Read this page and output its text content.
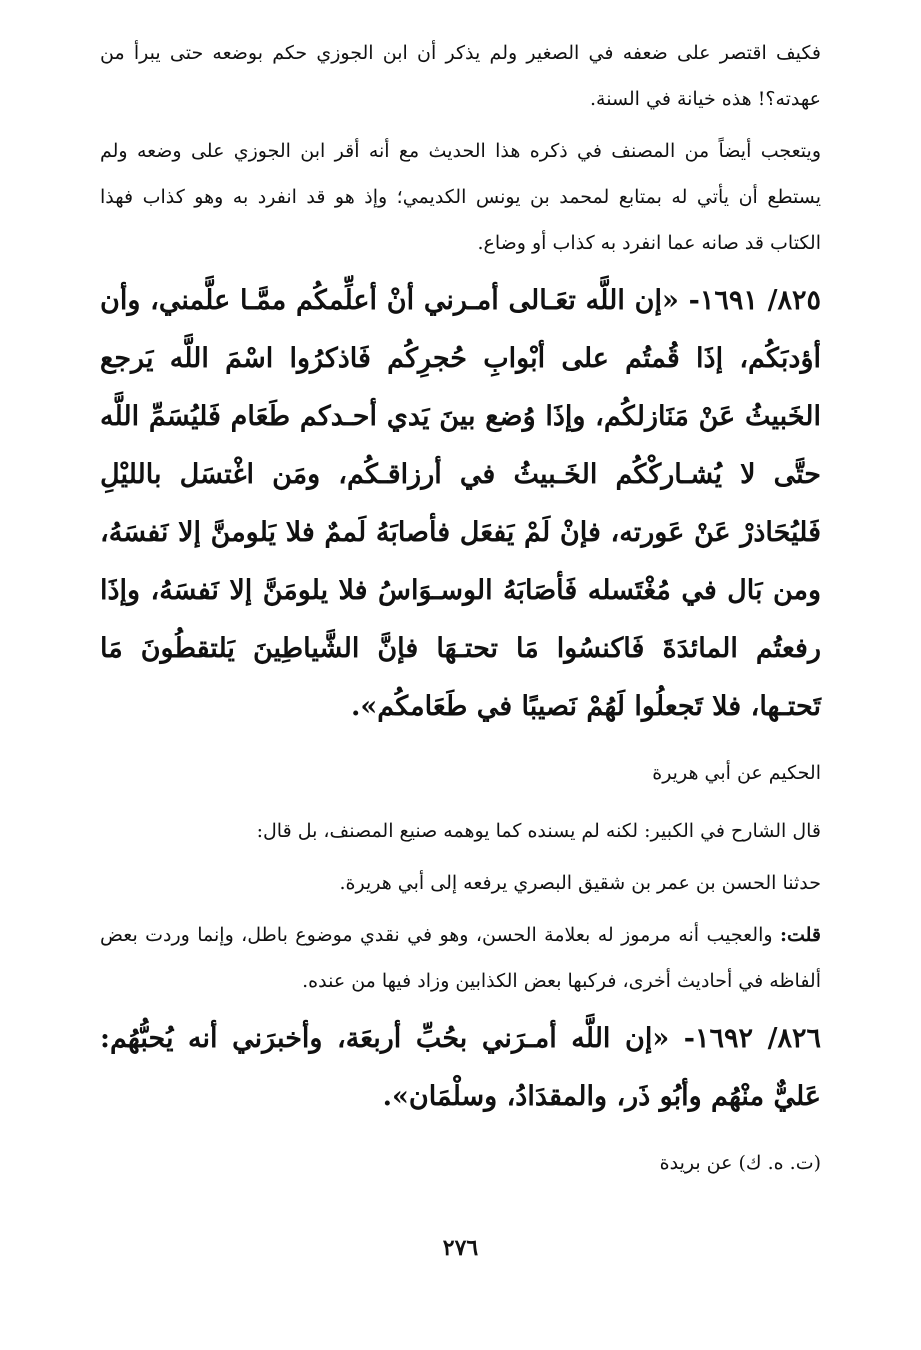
فكيف اقتصر على ضعفه في الصغير ولم يذكر أن ابن الجوزي حكم بوضعه حتى يبرأ من عهدته؟! هذه خيانة في السنة.

ويتعجب أيضاً من المصنف في ذكره هذا الحديث مع أنه أقر ابن الجوزي على وضعه ولم يستطع أن يأتي له بمتابع لمحمد بن يونس الكديمي؛ وإذ هو قد انفرد به وهو كذاب فهذا الكتاب قد صانه عما انفرد به كذاب أو وضاع.

٨٢٥/ ١٦٩١- «إن اللَّه تعَـالى أمـرني أنْ أعلِّمكُم ممَّـا علَّمني، وأن أؤدبَكُم، إذَا قُمتُم على أبْوابِ حُجرِكُم فَاذكرُوا اسْمَ اللَّه يَرجع الخَبيثُ عَنْ مَنَازلكُم، وإذَا وُضع بينَ يَدي أحـدكم طَعَام فَليُسَمِّ اللَّه حتَّى لا يُشـاركْكُم الخَـبيثُ في أرزاقـكُم، ومَن اغْتسَل بالليْلِ فَليُحَاذرْ عَنْ عَورته، فإنْ لَمْ يَفعَل فأصابَهُ لَممٌ فلا يَلومنَّ إلا نَفسَهُ، ومن بَال في مُغْتَسله فَأصَابَهُ الوسـوَاسُ فلا يلومَنَّ إلا نَفسَهُ، وإذَا رفعتُم المائدَةَ فَاكنسُوا مَا تحتـهَا فإنَّ الشَّياطِينَ يَلتقطُونَ مَا تَحتـها، فلا تَجعلُوا لَهُمْ نَصيبًا في طَعَامكُم».

الحكيم عن أبي هريرة

قال الشارح في الكبير: لكنه لم يسنده كما يوهمه صنيع المصنف، بل قال:

حدثنا الحسن بن عمر بن شقيق البصري يرفعه إلى أبي هريرة.

قلت: والعجيب أنه مرموز له بعلامة الحسن، وهو في نقدي موضوع باطل، وإنما وردت بعض ألفاظه في أحاديث أخرى، فركبها بعض الكذابين وزاد فيها من عنده.

٨٢٦/ ١٦٩٢- «إن اللَّه أمـرَني بحُبِّ أربعَة، وأخبرَني أنه يُحبُّهُم: عَليٌّ منْهُم وأبُو ذَر، والمقدَادُ، وسلْمَان».

(ت. ه. ك) عن بريدة

٢٧٦
